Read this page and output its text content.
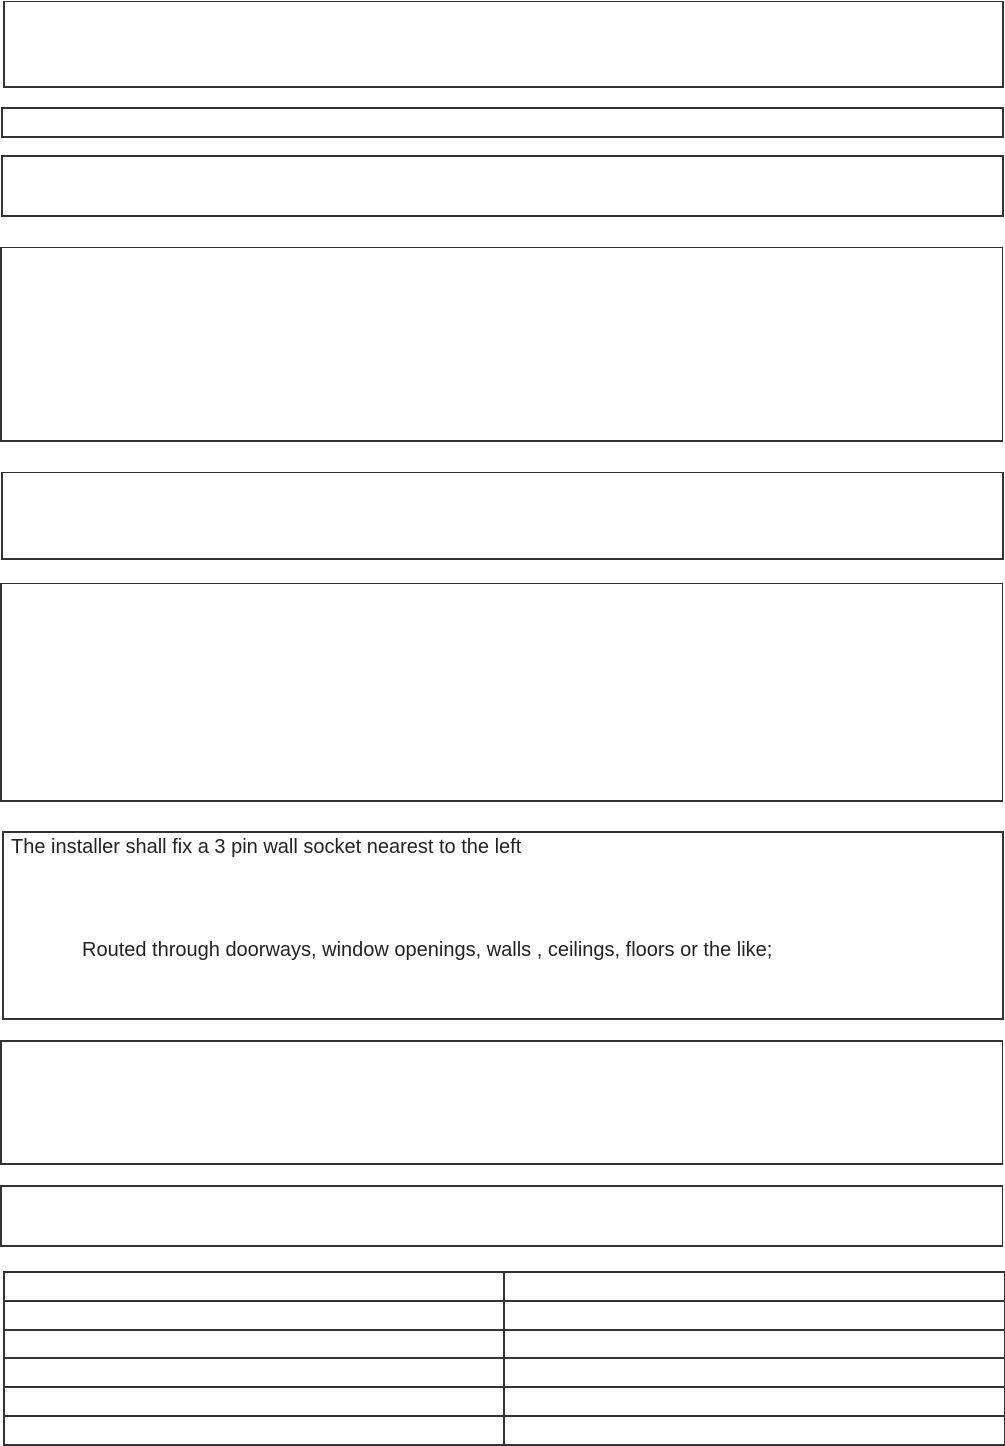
The installer shall fix a 3 pin wall socket nearest to the left
Routed through doorways, window openings, walls , ceilings, floors or the like;
